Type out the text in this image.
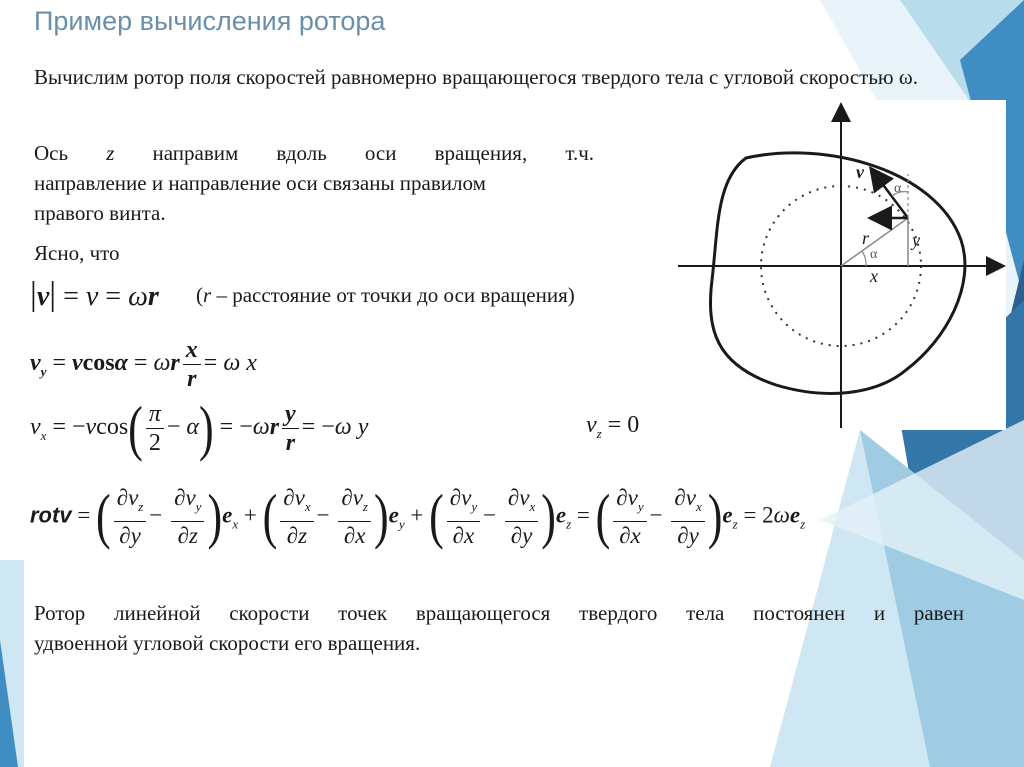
Пример вычисления ротора
Вычислим ротор поля скоростей равномерно вращающегося твердого тела с угловой скоростью ω.
Ось z направим вдоль оси вращения, т.ч.
направление и направление оси связаны правилом
правого винта.
Ясно, что
|v| = v = ωr (r – расстояние от точки до оси вращения)
$v_y = vcos\alpha = \omega r \frac{x}{r} = \omega$ x
$v_x = -vcos( \frac{\pi}{2} - \alpha) = -\omega r \frac{y}{r} = -\omega$ y	$v_z = 0$
rotv = ( $\frac{\partial v_z}{\partial y} - \frac{\partial v_y}{\partial z} )e_x$ + ( $\frac{\partial v_x}{\partial z} - \frac{\partial v_z}{\partial x} )e_y$ + ( $\frac{\partial v_y}{\partial x} - \frac{\partial v_x}{\partial y} )e_z$ = ( $\frac{\partial v_y}{\partial x} - \frac{\partial v_x}{\partial y} )e_z = 2\omega e_z$
Ротор линейной скорости точек вращающегося твердого тела постоянен и равен
удвоенной угловой скорости его вращения.
v
α
r
α
x
y
